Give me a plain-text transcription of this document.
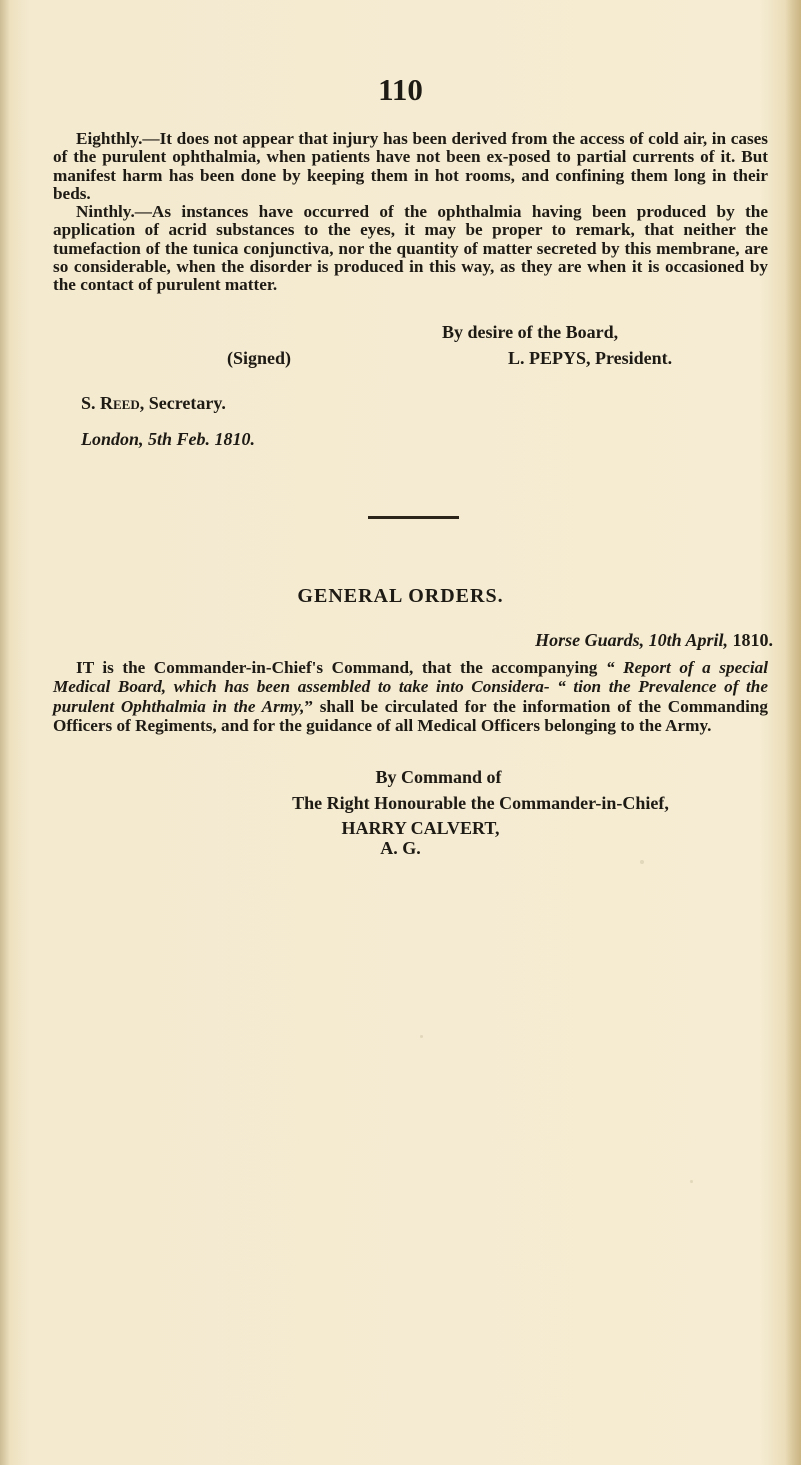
110

Eighthly.—It does not appear that injury has been derived from the access of cold air, in cases of the purulent ophthalmia, when patients have not been ex-posed to partial currents of it. But manifest harm has been done by keeping them in hot rooms, and confining them long in their beds.

Ninthly.—As instances have occurred of the ophthalmia having been produced by the application of acrid substances to the eyes, it may be proper to remark, that neither the tumefaction of the tunica conjunctiva, nor the quantity of matter secreted by this membrane, are so considerable, when the disorder is produced in this way, as they are when it is occasioned by the contact of purulent matter.

By desire of the Board,
(Signed)	L. PEPYS, President.
S. Reed, Secretary.
London, 5th Feb. 1810.
GENERAL ORDERS.
Horse Guards, 10th April, 1810.

IT is the Commander-in-Chief's Command, that the accompanying “ Report of a special Medical Board, which has been assembled to take into Considera- “ tion the Prevalence of the purulent Ophthalmia in the Army,” shall be circulated for the information of the Commanding Officers of Regiments, and for the guidance of all Medical Officers belonging to the Army.

By Command of
The Right Honourable the Commander-in-Chief,
HARRY CALVERT,
A. G.
